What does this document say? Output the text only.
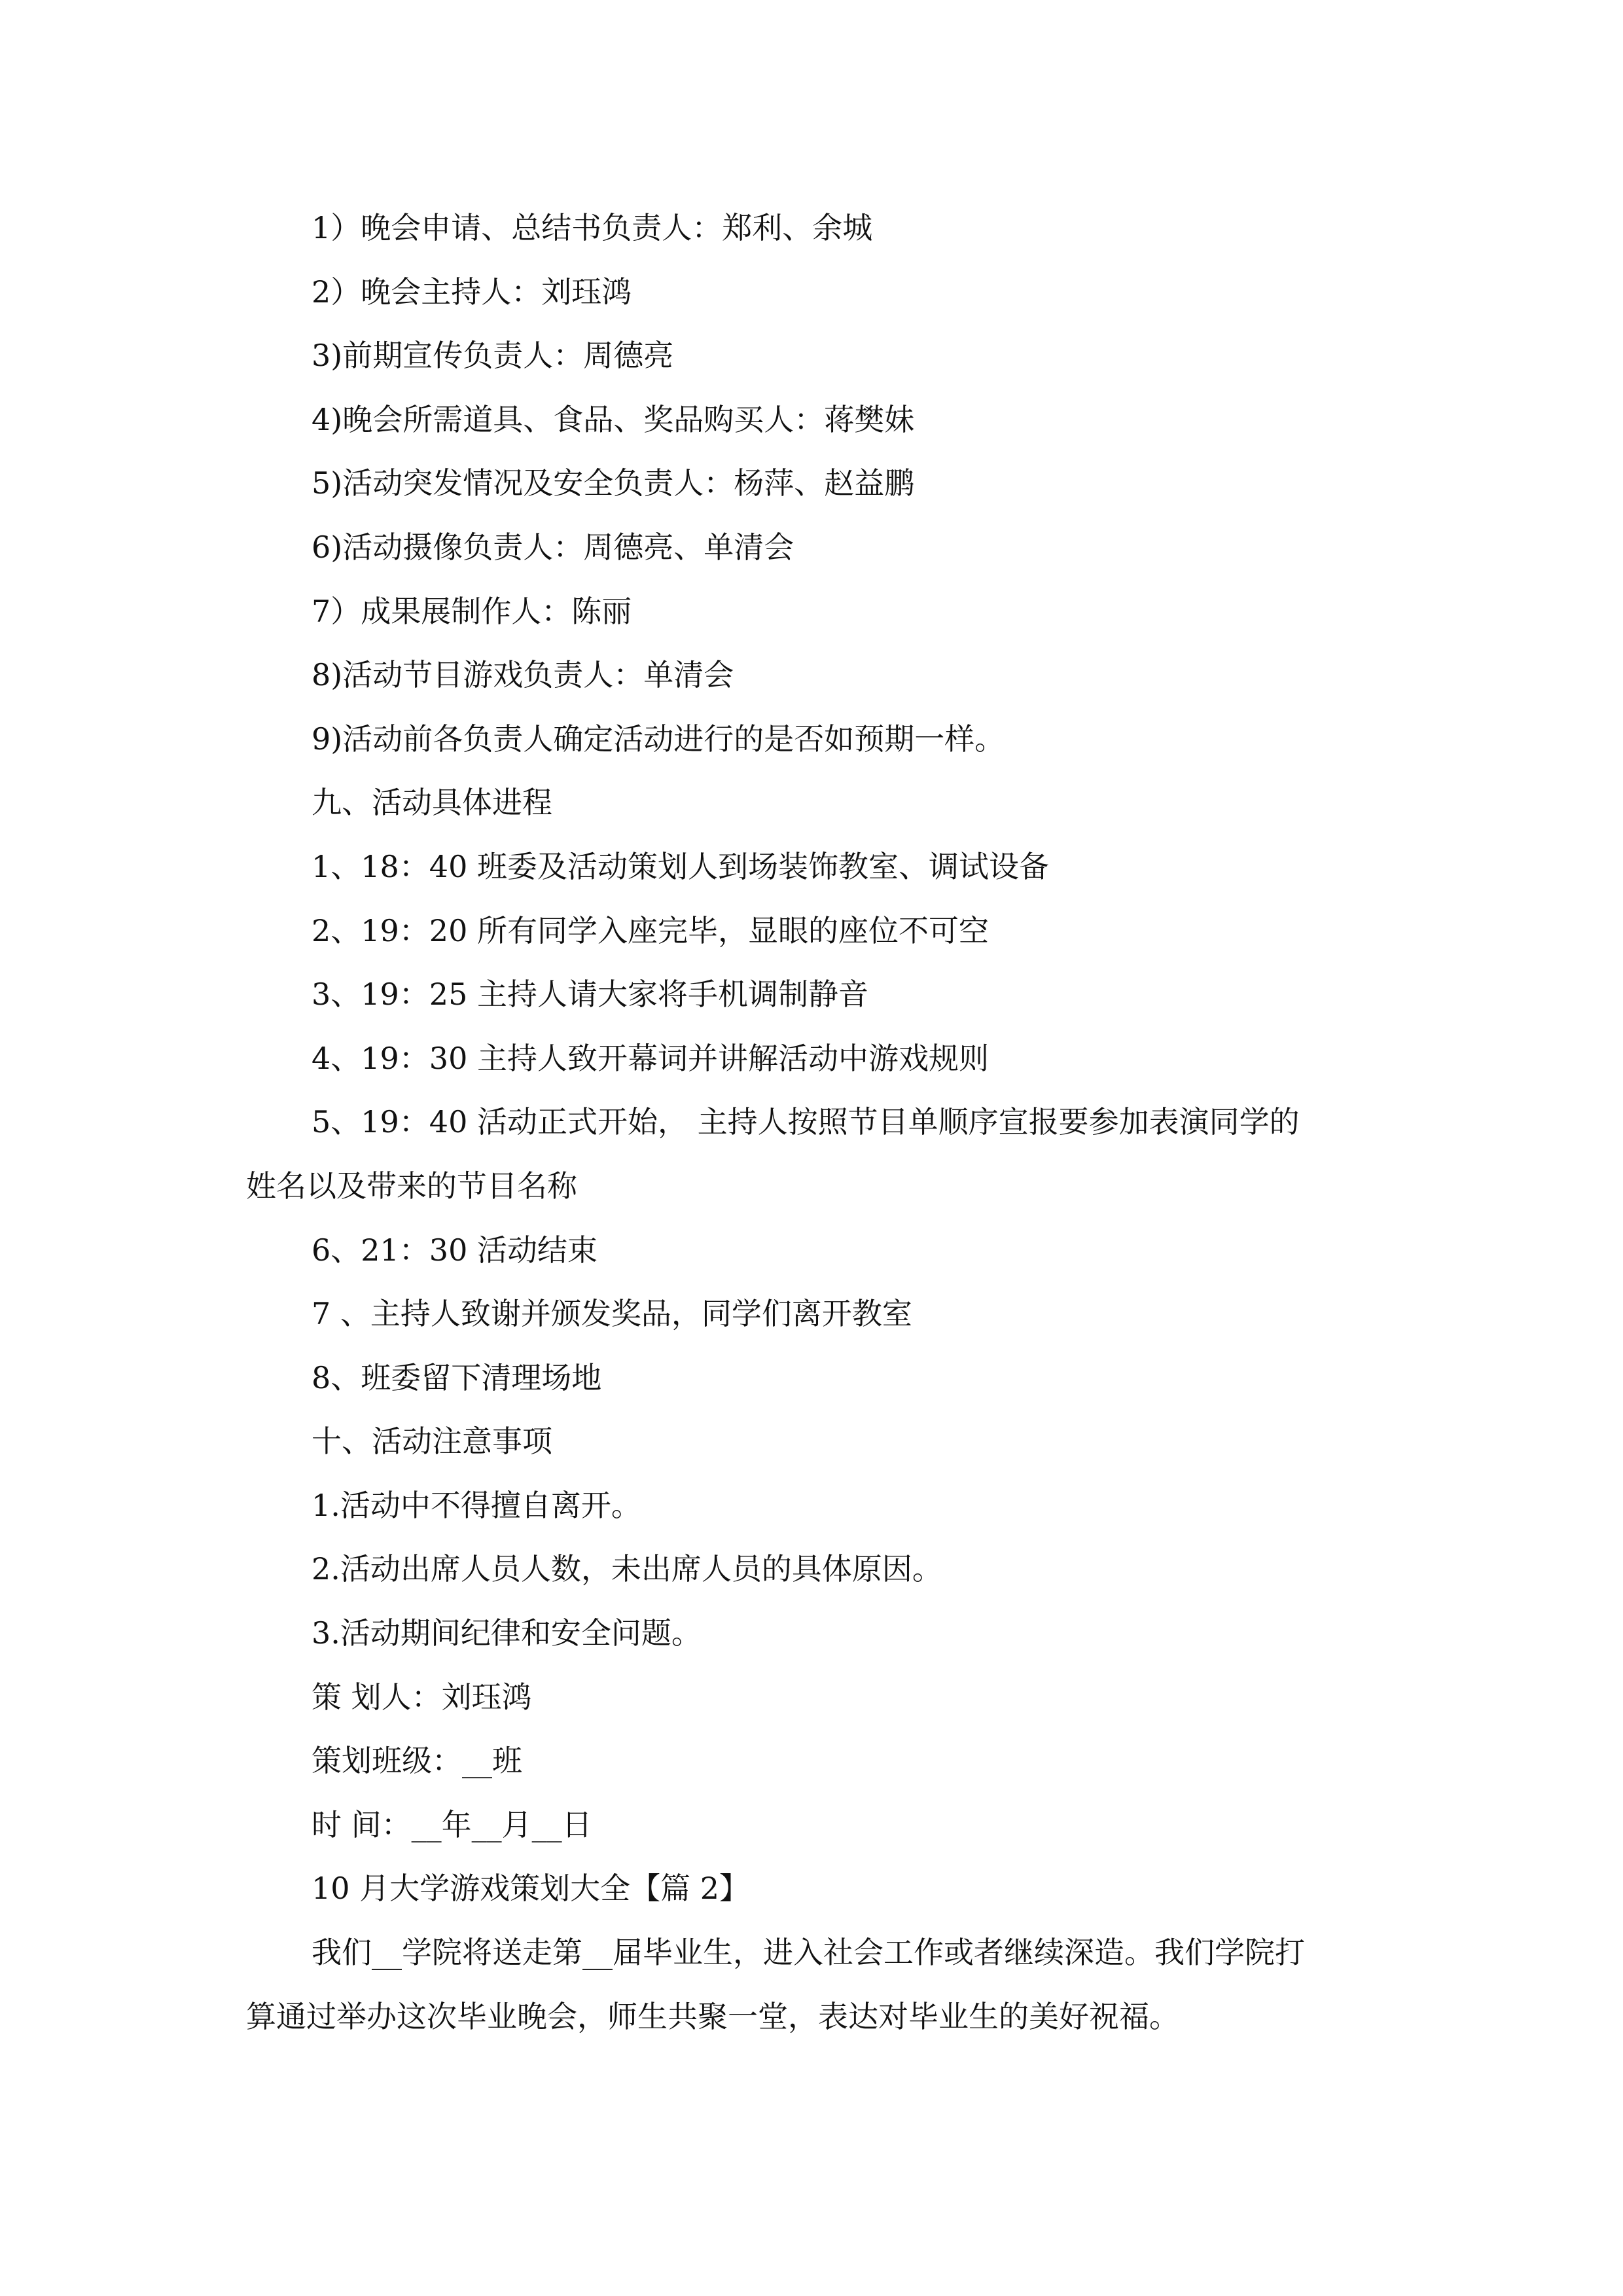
1）晚会申请、总结书负责人：郑利、余城
2）晚会主持人：刘珏鸿
3)前期宣传负责人：周德亮
4)晚会所需道具、食品、奖品购买人：蒋樊妹
5)活动突发情况及安全负责人：杨萍、赵益鹏
6)活动摄像负责人：周德亮、单清会
7）成果展制作人：陈丽
8)活动节目游戏负责人：单清会
9)活动前各负责人确定活动进行的是否如预期一样。
九、活动具体进程
1、18：40 班委及活动策划人到场装饰教室、调试设备
2、19：20 所有同学入座完毕，显眼的座位不可空
3、19：25 主持人请大家将手机调制静音
4、19：30 主持人致开幕词并讲解活动中游戏规则
5、19：40 活动正式开始， 主持人按照节目单顺序宣报要参加表演同学的
姓名以及带来的节目名称
6、21：30 活动结束
7 、主持人致谢并颁发奖品，同学们离开教室
8、班委留下清理场地
十、活动注意事项
1.活动中不得擅自离开。
2.活动出席人员人数，未出席人员的具体原因。
3.活动期间纪律和安全问题。
策 划人：刘珏鸿
策划班级：__班
时 间：__年__月__日
10 月大学游戏策划大全【篇 2】
我们__学院将送走第__届毕业生，进入社会工作或者继续深造。我们学院打
算通过举办这次毕业晚会，师生共聚一堂，表达对毕业生的美好祝福。
